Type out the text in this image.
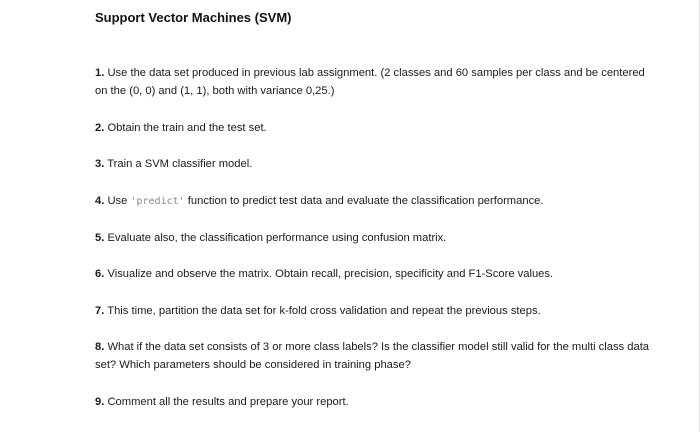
Support Vector Machines (SVM)
1. Use the data set produced in previous lab assignment. (2 classes and 60 samples per class and be centered on the (0, 0) and (1, 1), both with variance 0,25.)
2. Obtain the train and the test set.
3. Train a SVM classifier model.
4. Use 'predict' function to predict test data and evaluate the classification performance.
5. Evaluate also, the classification performance using confusion matrix.
6. Visualize and observe the matrix. Obtain recall, precision, specificity and F1-Score values.
7. This time, partition the data set for k-fold cross validation and repeat the previous steps.
8. What if the data set consists of 3 or more class labels? Is the classifier model still valid for the multi class data set? Which parameters should be considered in training phase?
9. Comment all the results and prepare your report.
